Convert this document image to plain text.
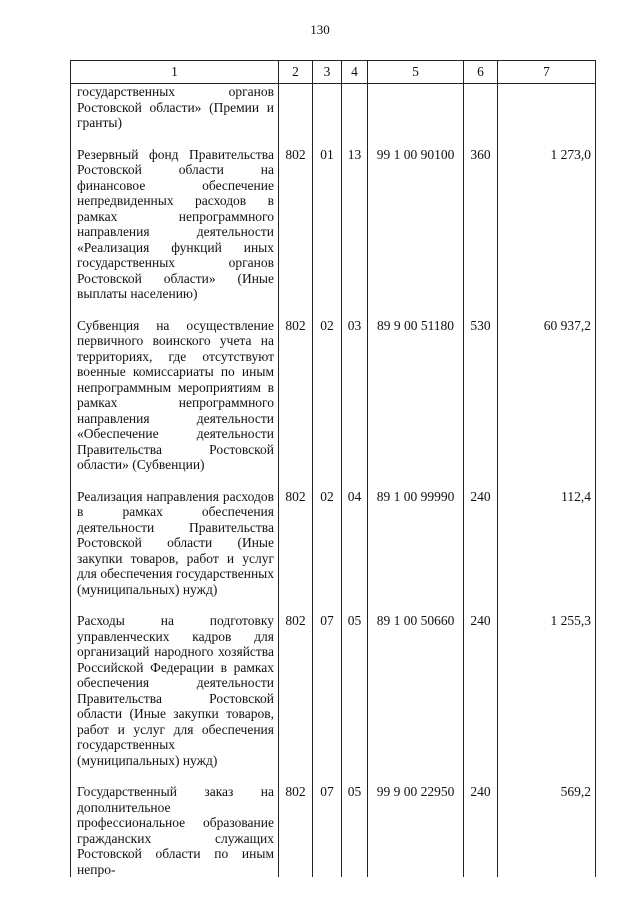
130
1	2	3	4	5	6	7
государственных органов Ростовской области» (Премии и гранты)						

Резервный фонд Правительства Ростовской области на финансовое обеспечение непредвиденных расходов в рамках непрограммного направления деятельности «Реализация функций иных государственных органов Ростовской области» (Иные выплаты населению)	802	01	13	99 1 00 90100	360	1 273,0

Субвенция на осуществление первичного воинского учета на территориях, где отсутствуют военные комиссариаты по иным непрограммным мероприятиям в рамках непрограммного направления деятельности «Обеспечение деятельности Правительства Ростовской области» (Субвенции)	802	02	03	89 9 00 51180	530	60 937,2

Реализация направления расходов в рамках обеспечения деятельности Правительства Ростовской области (Иные закупки товаров, работ и услуг для обеспечения государственных (муниципальных) нужд)	802	02	04	89 1 00 99990	240	112,4

Расходы на подготовку управленческих кадров для организаций народного хозяйства Российской Федерации в рамках обеспечения деятельности Правительства Ростовской области (Иные закупки товаров, работ и услуг для обеспечения государственных (муниципальных) нужд)	802	07	05	89 1 00 50660	240	1 255,3

Государственный заказ на дополнительное профессиональное образование гражданских служащих Ростовской области по иным непро-	802	07	05	99 9 00 22950	240	569,2
